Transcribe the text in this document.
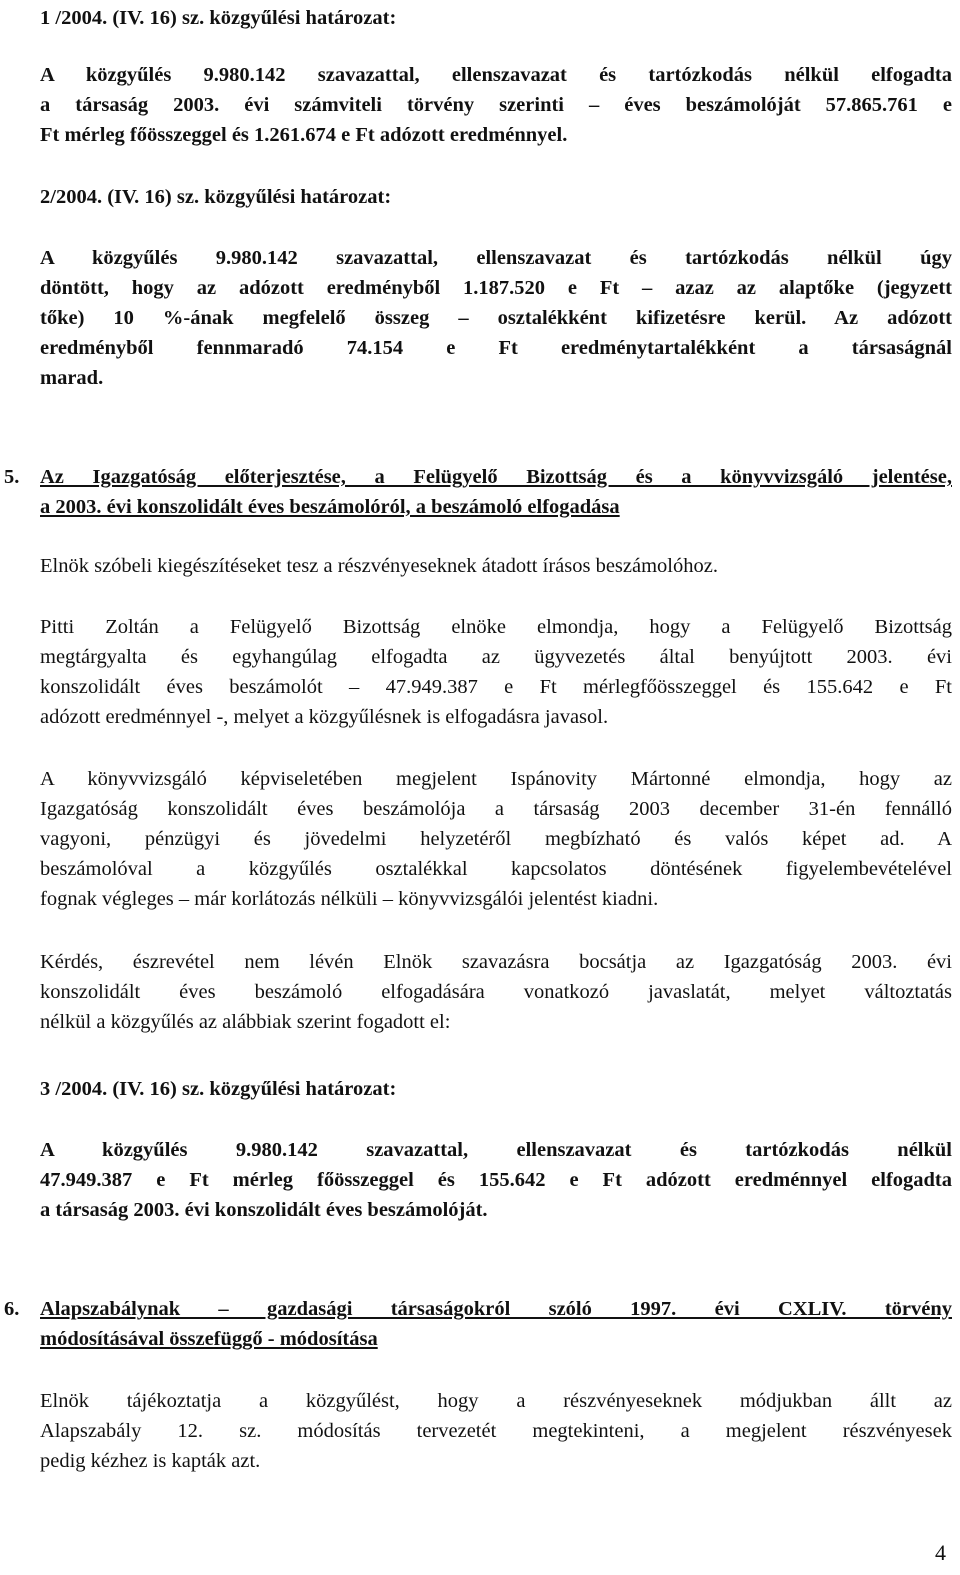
1 /2004. (IV. 16) sz. közgyűlési határozat:
A közgyűlés 9.980.142 szavazattal, ellenszavazat és tartózkodás nélkül elfogadta
a társaság 2003. évi számviteli törvény szerinti – éves beszámolóját 57.865.761 e
Ft mérleg főösszeggel és 1.261.674 e Ft adózott eredménnyel.
2/2004. (IV. 16) sz. közgyűlési határozat:
A közgyűlés 9.980.142 szavazattal, ellenszavazat és tartózkodás nélkül úgy
döntött, hogy az adózott eredményből 1.187.520 e Ft – azaz az alaptőke (jegyzett
tőke) 10 %-ának megfelelő összeg – osztalékként kifizetésre kerül. Az adózott
eredményből fennmaradó 74.154 e Ft eredménytartalékként a társaságnál
marad.
5. Az Igazgatóság előterjesztése, a Felügyelő Bizottság és a könyvvizsgáló jelentése,
a 2003. évi konszolidált éves beszámolóról, a beszámoló elfogadása
Elnök szóbeli kiegészítéseket tesz a részvényeseknek átadott írásos beszámolóhoz.
Pitti Zoltán a Felügyelő Bizottság elnöke elmondja, hogy a Felügyelő Bizottság
megtárgyalta és egyhangúlag elfogadta az ügyvezetés által benyújtott 2003. évi
konszolidált éves beszámolót – 47.949.387 e Ft mérlegfőösszeggel és 155.642 e Ft
adózott eredménnyel -, melyet a közgyűlésnek is elfogadásra javasol.
A könyvvizsgáló képviseletében megjelent Ispánovity Mártonné elmondja, hogy az
Igazgatóság konszolidált éves beszámolója a társaság 2003 december 31-én fennálló
vagyoni, pénzügyi és jövedelmi helyzetéről megbízható és valós képet ad. A
beszámolóval a közgyűlés osztalékkal kapcsolatos döntésének figyelembevételével
fognak végleges – már korlátozás nélküli – könyvvizsgálói jelentést kiadni.
Kérdés, észrevétel nem lévén Elnök szavazásra bocsátja az Igazgatóság 2003. évi
konszolidált éves beszámoló elfogadására vonatkozó javaslatát, melyet változtatás
nélkül a közgyűlés az alábbiak szerint fogadott el:
3 /2004. (IV. 16) sz. közgyűlési határozat:
A közgyűlés 9.980.142 szavazattal, ellenszavazat és tartózkodás nélkül
47.949.387 e Ft mérleg főösszeggel és 155.642 e Ft adózott eredménnyel elfogadta
a társaság 2003. évi konszolidált éves beszámolóját.
6. Alapszabálynak – gazdasági társaságokról szóló 1997. évi CXLIV. törvény
módosításával összefüggő - módosítása
Elnök tájékoztatja a közgyűlést, hogy a részvényeseknek módjukban állt az
Alapszabály 12. sz. módosítás tervezetét megtekinteni, a megjelent részvényesek
pedig kézhez is kapták azt.
4
